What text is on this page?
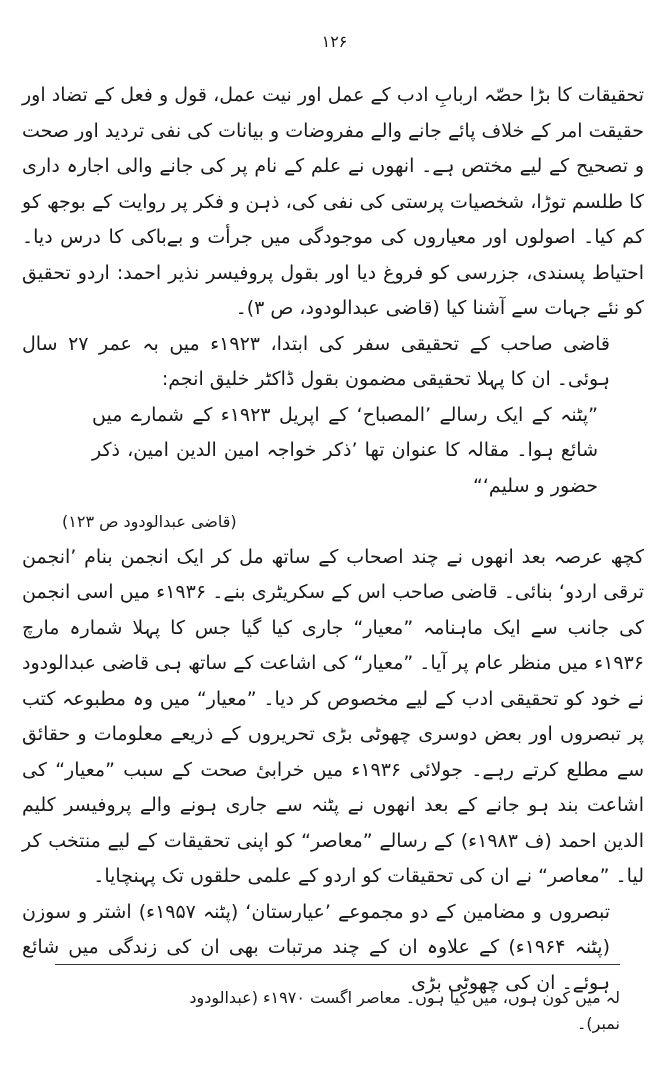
۱۲۶

تحقیقات کا بڑا حصّہ اربابِ ادب کے عمل اور نیت عمل، قول و فعل کے تضاد اور حقیقت امر کے خلاف پائے جانے والے مفروضات و بیانات کی نفی تردید اور صحت و تصحیح کے لیے مختص ہے۔ انھوں نے علم کے نام پر کی جانے والی اجارہ داری کا طلسم توڑا، شخصیات پرستی کی نفی کی، ذہن و فکر پر روایت کے بوجھ کو کم کیا۔ اصولوں اور معیاروں کی موجودگی میں جرأت و بےباکی کا درس دیا۔ احتیاط پسندی، جزرسی کو فروغ دیا اور بقول پروفیسر نذیر احمد: اردو تحقیق کو نئے جہات سے آشنا کیا (قاضی عبدالودود، ص ۳)۔

قاضی صاحب کے تحقیقی سفر کی ابتدا، ۱۹۲۳ء میں بہ عمر ۲۷ سال ہوئی۔ ان کا پہلا تحقیقی مضمون بقول ڈاکٹر خلیق انجم:

”پٹنہ کے ایک رسالے ’المصباح‘ کے اپریل ۱۹۲۳ء کے شمارے میں شائع ہوا۔ مقالہ کا عنوان تھا ’ذکر خواجہ امین الدین امین، ذکر حضور و سلیم‘“

(قاضی عبدالودود ص ۱۲۳)

کچھ عرصہ بعد انھوں نے چند اصحاب کے ساتھ مل کر ایک انجمن بنام ’انجمن ترقی اردو‘ بنائی۔ قاضی صاحب اس کے سکریٹری بنے۔ ۱۹۳۶ء میں اسی انجمن کی جانب سے ایک ماہنامہ ”معیار“ جاری کیا گیا جس کا پہلا شمارہ مارچ ۱۹۳۶ء میں منظر عام پر آیا۔ ”معیار“ کی اشاعت کے ساتھ ہی قاضی عبدالودود نے خود کو تحقیقی ادب کے لیے مخصوص کر دیا۔ ”معیار“ میں وہ مطبوعہ کتب پر تبصروں اور بعض دوسری چھوٹی بڑی تحریروں کے ذریعے معلومات و حقائق سے مطلع کرتے رہے۔ جولائی ۱۹۳۶ء میں خرابیٔ صحت کے سبب ”معیار“ کی اشاعت بند ہو جانے کے بعد انھوں نے پٹنہ سے جاری ہونے والے پروفیسر کلیم الدین احمد (ف ۱۹۸۳ء) کے رسالے ”معاصر“ کو اپنی تحقیقات کے لیے منتخب کر لیا۔ ”معاصر“ نے ان کی تحقیقات کو اردو کے علمی حلقوں تک پہنچایا۔

تبصروں و مضامین کے دو مجموعے ’عیارستان‘ (پٹنہ ۱۹۵۷ء) اشتر و سوزن (پٹنہ ۱۹۶۴ء) کے علاوہ ان کے چند مرتبات بھی ان کی زندگی میں شائع ہوئے۔ ان کی چھوٹی بڑی

لہ میں کون ہوں، میں کیا ہوں۔ معاصر اگست ۱۹۷۰ء (عبدالودود نمبر)۔
